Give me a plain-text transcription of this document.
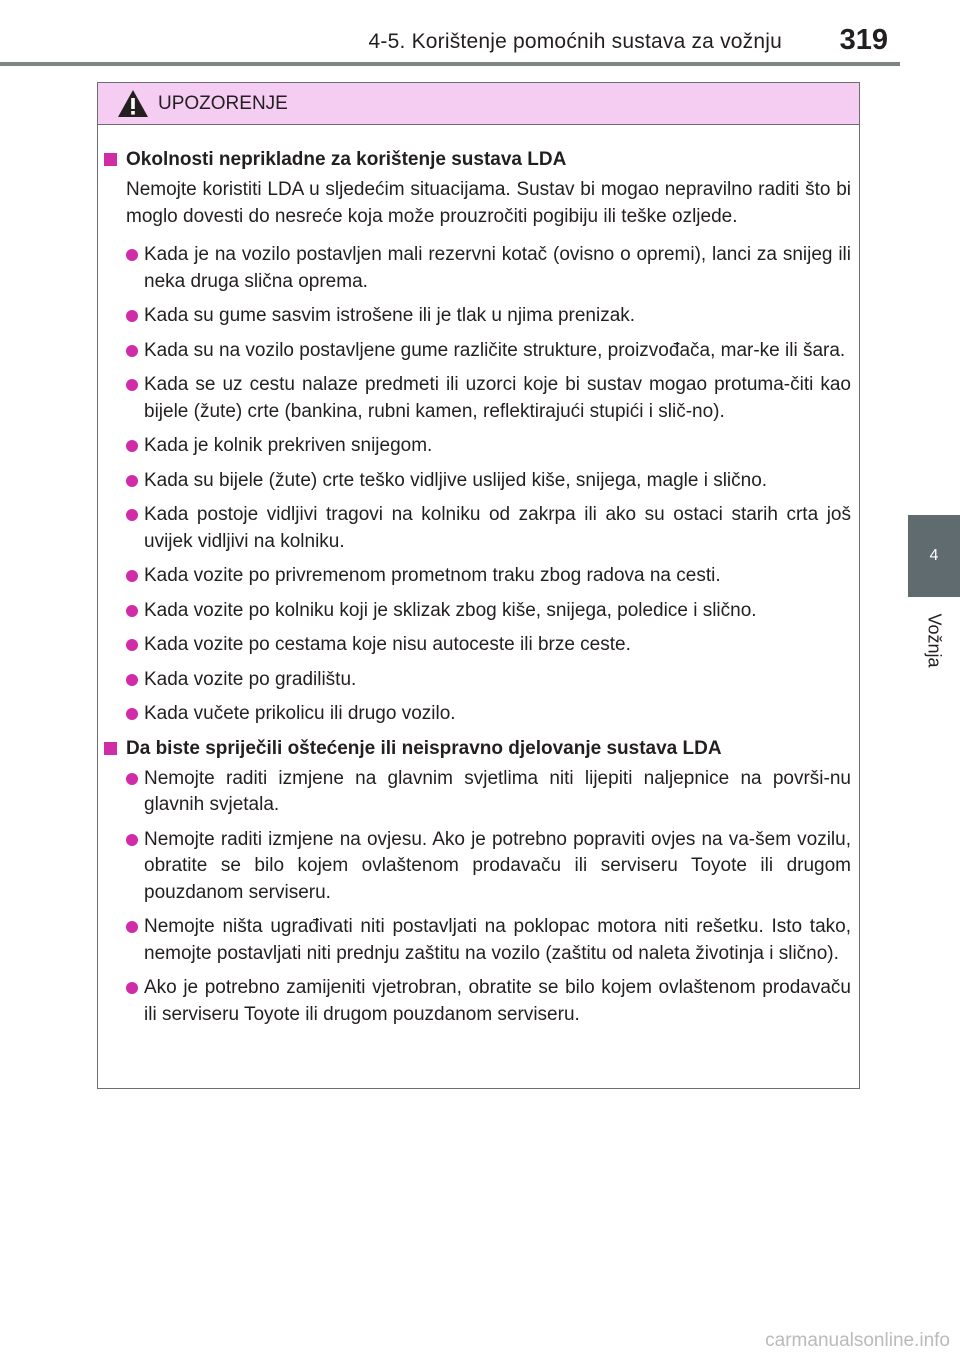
4-5. Korištenje pomoćnih sustava za vožnju 319
4
Vožnja
UPOZORENJE
Okolnosti neprikladne za korištenje sustava LDA
Nemojte koristiti LDA u sljedećim situacijama. Sustav bi mogao nepravilno raditi što bi moglo dovesti do nesreće koja može prouzročiti pogibiju ili teške ozljede.
Kada je na vozilo postavljen mali rezervni kotač (ovisno o opremi), lanci za snijeg ili neka druga slična oprema.
Kada su gume sasvim istrošene ili je tlak u njima prenizak.
Kada su na vozilo postavljene gume različite strukture, proizvođača, mar-ke ili šara.
Kada se uz cestu nalaze predmeti ili uzorci koje bi sustav mogao protuma-čiti kao bijele (žute) crte (bankina, rubni kamen, reflektirajući stupići i slič-no).
Kada je kolnik prekriven snijegom.
Kada su bijele (žute) crte teško vidljive uslijed kiše, snijega, magle i slično.
Kada postoje vidljivi tragovi na kolniku od zakrpa ili ako su ostaci starih crta još uvijek vidljivi na kolniku.
Kada vozite po privremenom prometnom traku zbog radova na cesti.
Kada vozite po kolniku koji je sklizak zbog kiše, snijega, poledice i slično.
Kada vozite po cestama koje nisu autoceste ili brze ceste.
Kada vozite po gradilištu.
Kada vučete prikolicu ili drugo vozilo.
Da biste spriječili oštećenje ili neispravno djelovanje sustava LDA
Nemojte raditi izmjene na glavnim svjetlima niti lijepiti naljepnice na površi-nu glavnih svjetala.
Nemojte raditi izmjene na ovjesu. Ako je potrebno popraviti ovjes na va-šem vozilu, obratite se bilo kojem ovlaštenom prodavaču ili serviseru Toyote ili drugom pouzdanom serviseru.
Nemojte ništa ugrađivati niti postavljati na poklopac motora niti rešetku. Isto tako, nemojte postavljati niti prednju zaštitu na vozilo (zaštitu od naleta životinja i slično).
Ako je potrebno zamijeniti vjetrobran, obratite se bilo kojem ovlaštenom prodavaču ili serviseru Toyote ili drugom pouzdanom serviseru.
carmanualsonline.info
